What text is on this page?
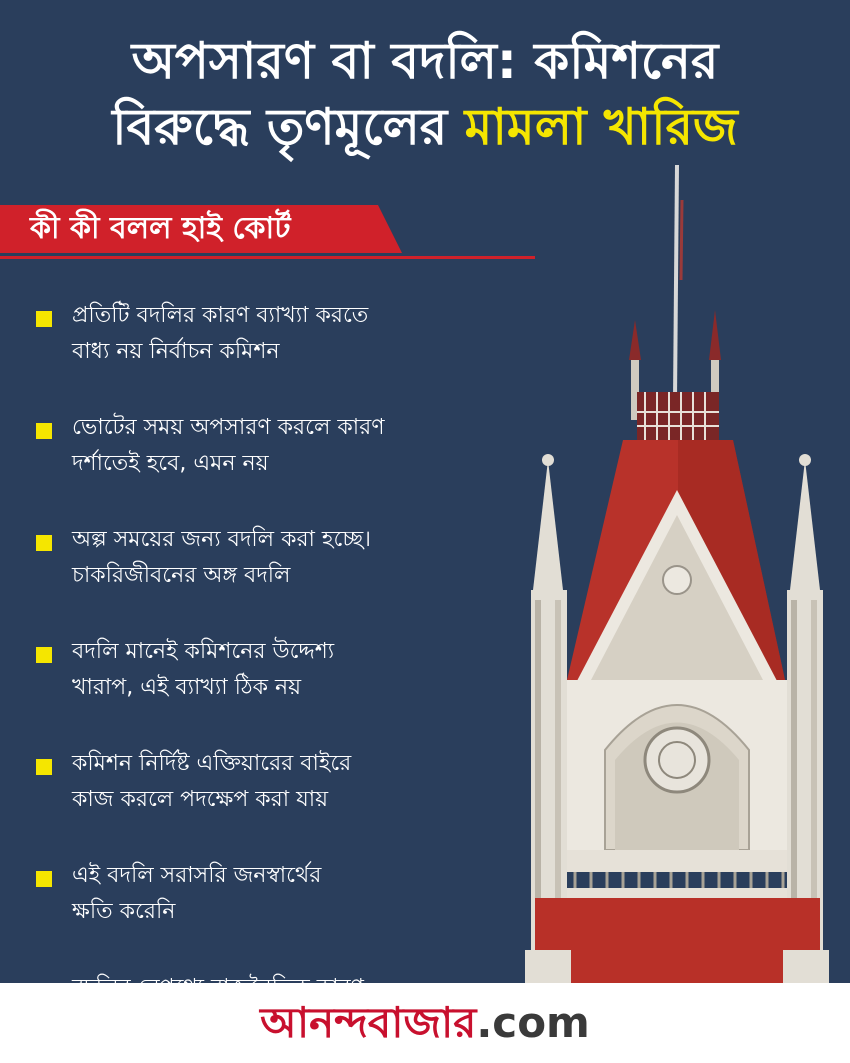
অপসারণ বা বদলি: কমিশনের
বিরুদ্ধে তৃণমূলের মামলা খারিজ
কী কী বলল হাই কোর্ট
প্রতিটি বদলির কারণ ব্যাখ্যা করতে
বাধ্য নয় নির্বাচন কমিশন
ভোটের সময় অপসারণ করলে কারণ
দর্শাতেই হবে, এমন নয়
অল্প সময়ের জন্য বদলি করা হচ্ছে।
চাকরিজীবনের অঙ্গ বদলি
বদলি মানেই কমিশনের উদ্দেশ্য
খারাপ, এই ব্যাখ্যা ঠিক নয়
কমিশন নির্দিষ্ট এক্তিয়ারের বাইরে
কাজ করলে পদক্ষেপ করা যায়
এই বদলি সরাসরি জনস্বার্থের
ক্ষতি করেনি
আনন্দবাজার.com
